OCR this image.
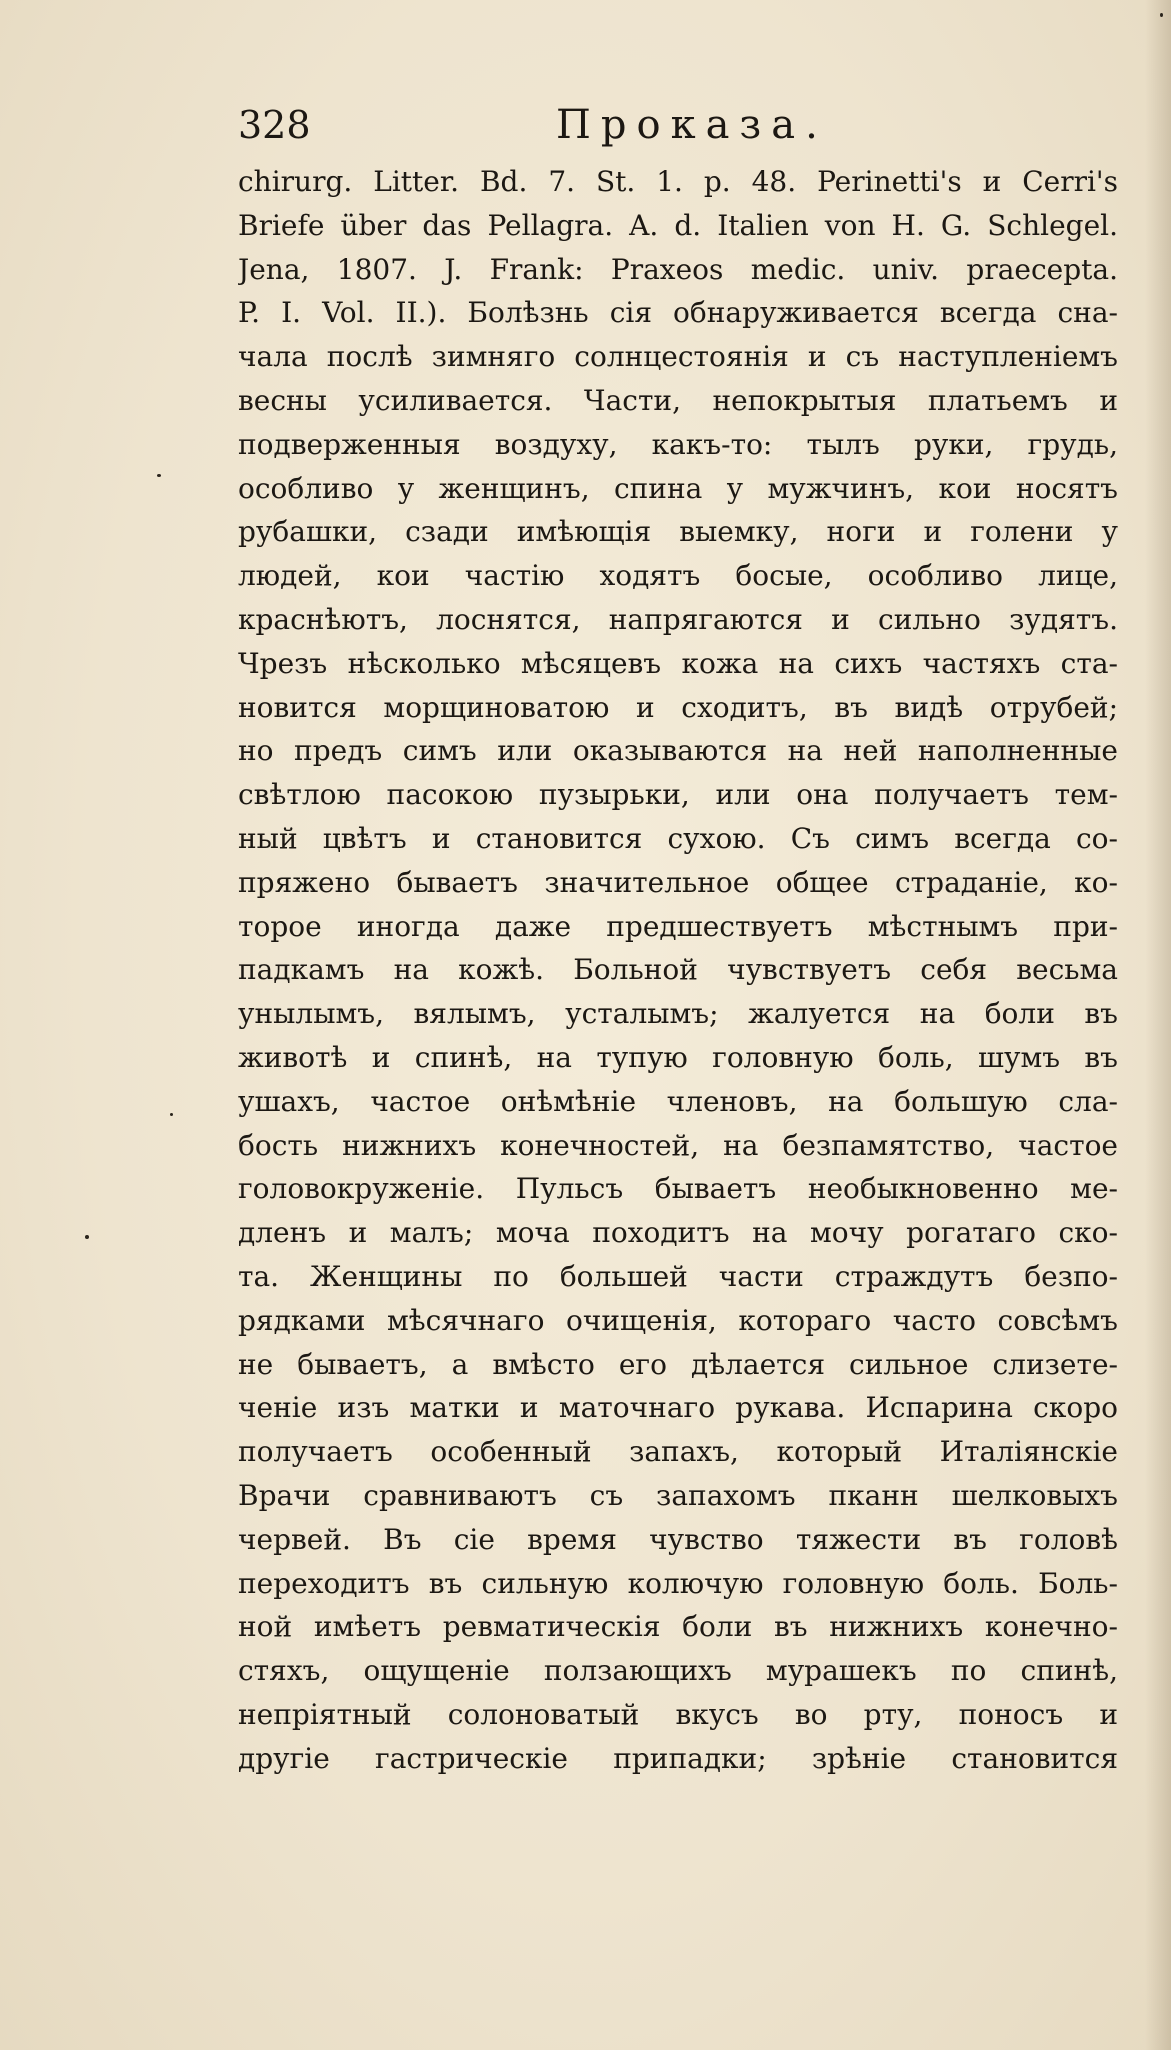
328	Проказа.
chirurg. Litter. Bd. 7. St. 1. p. 48. Perinetti's и Cerri's
Briefe über das Pellagra. A. d. Italien von H. G. Schlegel.
Jena, 1807. J. Frank: Praxeos medic. univ. praecepta.
P. I. Vol. II.). Болѣзнь сія обнаруживается всегда сна-
чала послѣ зимняго солнцестоянія и съ наступленіемъ
весны усиливается. Части, непокрытыя платьемъ и
подверженныя воздуху, какъ-то: тылъ руки, грудь,
особливо у женщинъ, спина у мужчинъ, кои носятъ
рубашки, сзади имѣющія выемку, ноги и голени у
людей, кои частію ходятъ босые, особливо лице,
краснѣютъ, лоснятся, напрягаются и сильно зудятъ.
Чрезъ нѣсколько мѣсяцевъ кожа на сихъ частяхъ ста-
новится морщиноватою и сходитъ, въ видѣ отрубей;
но предъ симъ или оказываются на ней наполненные
свѣтлою пасокою пузырьки, или она получаетъ тем-
ный цвѣтъ и становится сухою. Съ симъ всегда со-
пряжено бываетъ значительное общее страданіе, ко-
торое иногда даже предшествуетъ мѣстнымъ при-
падкамъ на кожѣ. Больной чувствуетъ себя весьма
унылымъ, вялымъ, усталымъ; жалуется на боли въ
животѣ и спинѣ, на тупую головную боль, шумъ въ
ушахъ, частое онѣмѣніе членовъ, на большую сла-
бость нижнихъ конечностей, на безпамятство, частое
головокруженіе. Пульсъ бываетъ необыкновенно ме-
дленъ и малъ; моча походитъ на мочу рогатаго ско-
та. Женщины по большей части страждутъ безпо-
рядками мѣсячнаго очищенія, котораго часто совсѣмъ
не бываетъ, а вмѣсто его дѣлается сильное слизете-
ченіе изъ матки и маточнаго рукава. Испарина скоро
получаетъ особенный запахъ, который Италіянскіе
Врачи сравниваютъ съ запахомъ пканн шелковыхъ
червей. Въ сіе время чувство тяжести въ головѣ
переходитъ въ сильную колючую головную боль. Боль-
ной имѣетъ ревматическія боли въ нижнихъ конечно-
стяхъ, ощущеніе ползающихъ мурашекъ по спинѣ,
непріятный солоноватый вкусъ во рту, поносъ и
другіе гастрическіе припадки; зрѣніе становится
